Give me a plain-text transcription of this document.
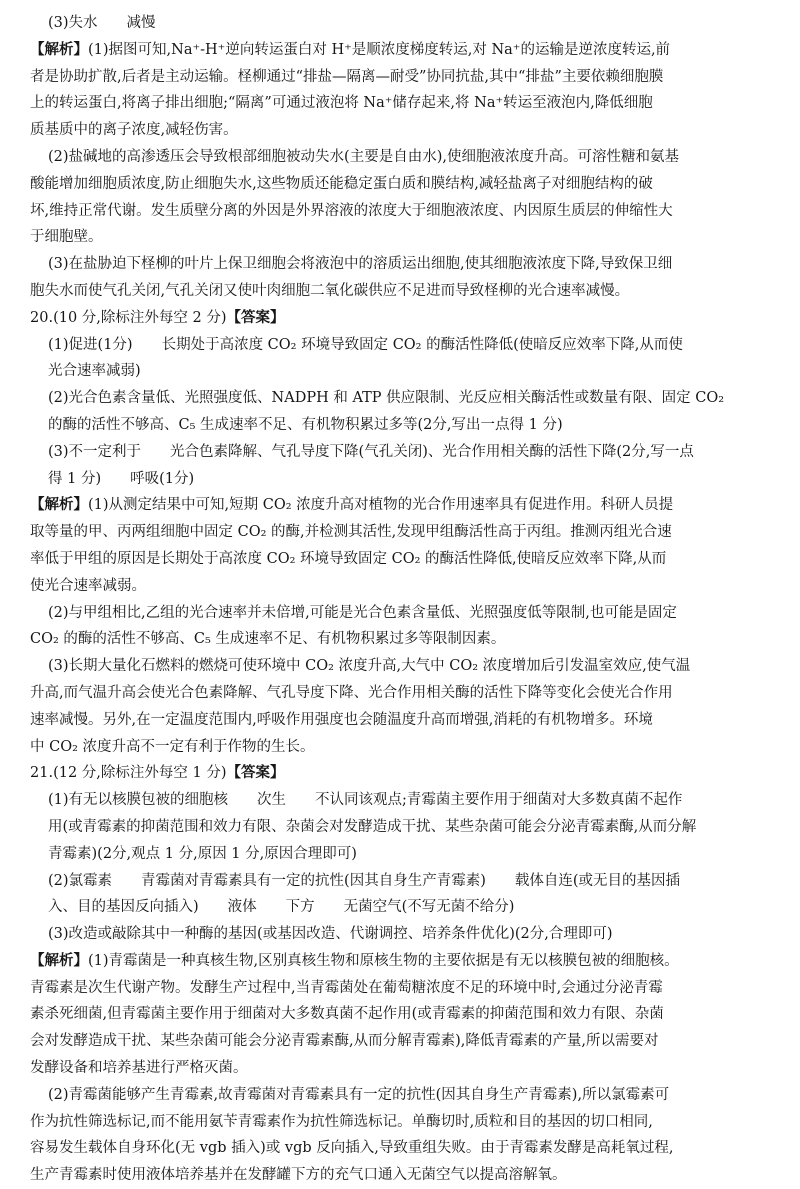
(3)失水　　减慢
【解析】(1)据图可知,Na⁺-H⁺逆向转运蛋白对 H⁺是顺浓度梯度转运,对 Na⁺的运输是逆浓度转运,前
者是协助扩散,后者是主动运输。柽柳通过“排盐—隔离—耐受”协同抗盐,其中“排盐”主要依赖细胞膜
上的转运蛋白,将离子排出细胞;“隔离”可通过液泡将 Na⁺储存起来,将 Na⁺转运至液泡内,降低细胞
质基质中的离子浓度,减轻伤害。
(2)盐碱地的高渗透压会导致根部细胞被动失水(主要是自由水),使细胞液浓度升高。可溶性糖和氨基
酸能增加细胞质浓度,防止细胞失水,这些物质还能稳定蛋白质和膜结构,减轻盐离子对细胞结构的破
坏,维持正常代谢。发生质壁分离的外因是外界溶液的浓度大于细胞液浓度、内因原生质层的伸缩性大
于细胞壁。
(3)在盐胁迫下柽柳的叶片上保卫细胞会将液泡中的溶质运出细胞,使其细胞液浓度下降,导致保卫细
胞失水而使气孔关闭,气孔关闭又使叶肉细胞二氧化碳供应不足进而导致柽柳的光合速率减慢。
20.(10 分,除标注外每空 2 分)【答案】
(1)促进(1分)　　长期处于高浓度 CO₂ 环境导致固定 CO₂ 的酶活性降低(使暗反应效率下降,从而使
光合速率减弱)
(2)光合色素含量低、光照强度低、NADPH 和 ATP 供应限制、光反应相关酶活性或数量有限、固定 CO₂
的酶的活性不够高、C₅ 生成速率不足、有机物积累过多等(2分,写出一点得 1 分)
(3)不一定利于　　光合色素降解、气孔导度下降(气孔关闭)、光合作用相关酶的活性下降(2分,写一点
得 1 分)　　呼吸(1分)
【解析】(1)从测定结果中可知,短期 CO₂ 浓度升高对植物的光合作用速率具有促进作用。科研人员提
取等量的甲、丙两组细胞中固定 CO₂ 的酶,并检测其活性,发现甲组酶活性高于丙组。推测丙组光合速
率低于甲组的原因是长期处于高浓度 CO₂ 环境导致固定 CO₂ 的酶活性降低,使暗反应效率下降,从而
使光合速率减弱。
(2)与甲组相比,乙组的光合速率并未倍增,可能是光合色素含量低、光照强度低等限制,也可能是固定
CO₂ 的酶的活性不够高、C₅ 生成速率不足、有机物积累过多等限制因素。
(3)长期大量化石燃料的燃烧可使环境中 CO₂ 浓度升高,大气中 CO₂ 浓度增加后引发温室效应,使气温
升高,而气温升高会使光合色素降解、气孔导度下降、光合作用相关酶的活性下降等变化会使光合作用
速率减慢。另外,在一定温度范围内,呼吸作用强度也会随温度升高而增强,消耗的有机物增多。环境
中 CO₂ 浓度升高不一定有利于作物的生长。
21.(12 分,除标注外每空 1 分)【答案】
(1)有无以核膜包被的细胞核　　次生　　不认同该观点;青霉菌主要作用于细菌对大多数真菌不起作
用(或青霉素的抑菌范围和效力有限、杂菌会对发酵造成干扰、某些杂菌可能会分泌青霉素酶,从而分解
青霉素)(2分,观点 1 分,原因 1 分,原因合理即可)
(2)氯霉素　　青霉菌对青霉素具有一定的抗性(因其自身生产青霉素)　　载体自连(或无目的基因插
入、目的基因反向插入)　　液体　　下方　　无菌空气(不写无菌不给分)
(3)改造或敲除其中一种酶的基因(或基因改造、代谢调控、培养条件优化)(2分,合理即可)
【解析】(1)青霉菌是一种真核生物,区别真核生物和原核生物的主要依据是有无以核膜包被的细胞核。
青霉素是次生代谢产物。发酵生产过程中,当青霉菌处在葡萄糖浓度不足的环境中时,会通过分泌青霉
素杀死细菌,但青霉菌主要作用于细菌对大多数真菌不起作用(或青霉素的抑菌范围和效力有限、杂菌
会对发酵造成干扰、某些杂菌可能会分泌青霉素酶,从而分解青霉素),降低青霉素的产量,所以需要对
发酵设备和培养基进行严格灭菌。
(2)青霉菌能够产生青霉素,故青霉菌对青霉素具有一定的抗性(因其自身生产青霉素),所以氯霉素可
作为抗性筛选标记,而不能用氨苄青霉素作为抗性筛选标记。单酶切时,质粒和目的基因的切口相同,
容易发生载体自身环化(无 vgb 插入)或 vgb 反向插入,导致重组失败。由于青霉素发酵是高耗氧过程,
生产青霉素时使用液体培养基并在发酵罐下方的充气口通入无菌空气以提高溶解氧。
